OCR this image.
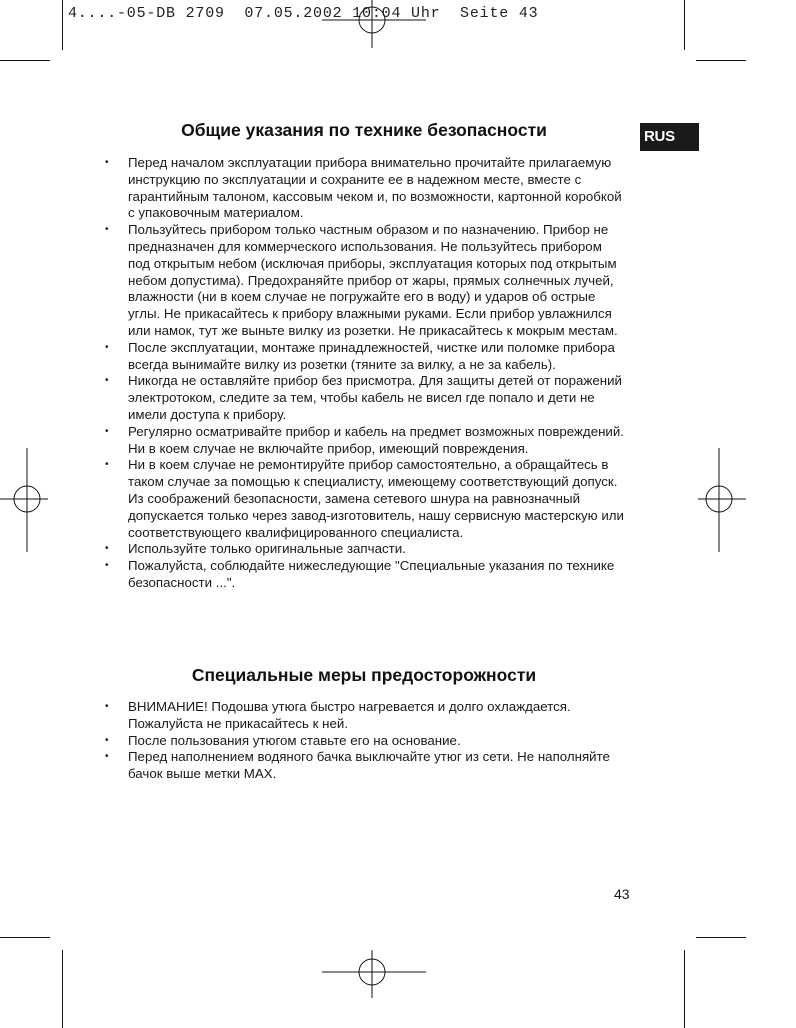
4....-05-DB 2709  07.05.2002 10:04 Uhr  Seite 43
RUS
Общие указания по технике безопасности
• Перед началом эксплуатации прибора внимательно прочитайте прилагаемую инструкцию по эксплуатации и сохраните ее в надежном месте, вместе с гарантийным талоном, кассовым чеком и, по возможности, картонной коробкой с упаковочным материалом.
• Пользуйтесь прибором только частным образом и по назначению. Прибор не предназначен для коммерческого использования. Не пользуйтесь прибором под открытым небом (исключая приборы, эксплуатация которых под открытым небом допустима). Предохраняйте прибор от жары, прямых солнечных лучей, влажности (ни в коем случае не погружайте его в воду) и ударов об острые углы. Не прикасайтесь к прибору влажными руками. Если прибор увлажнился или намок, тут же выньте вилку из розетки. Не прикасайтесь к мокрым местам.
• После эксплуатации, монтаже принадлежностей, чистке или поломке прибора всегда вынимайте вилку из розетки (тяните за вилку, а не за кабель).
• Никогда не оставляйте прибор без присмотра. Для защиты детей от поражений электротоком, следите за тем, чтобы кабель не висел где попало и дети не имели доступа к прибору.
• Регулярно осматривайте прибор и кабель на предмет возможных повреждений. Ни в коем случае не включайте прибор, имеющий повреждения.
• Ни в коем случае не ремонтируйте прибор самостоятельно, а обращайтесь в таком случае за помощью к специалисту, имеющему соответствующий допуск. Из соображений безопасности, замена сетевого шнура на равнозначный допускается только через завод-изготовитель, нашу сервисную мастерскую или соответствующего квалифицированного специалиста.
• Используйте только оригинальные запчасти.
• Пожалуйста, соблюдайте нижеследующие "Специальные указания по технике безопасности ...".
Специальные меры предосторожности
• ВНИМАНИЕ! Подошва утюга быстро нагревается и долго охлаждается. Пожалуйста не прикасайтесь к ней.
• После пользования утюгом ставьте его на основание.
• Перед наполнением водяного бачка выключайте утюг из сети. Не наполняйте бачок выше метки MAX.
43
